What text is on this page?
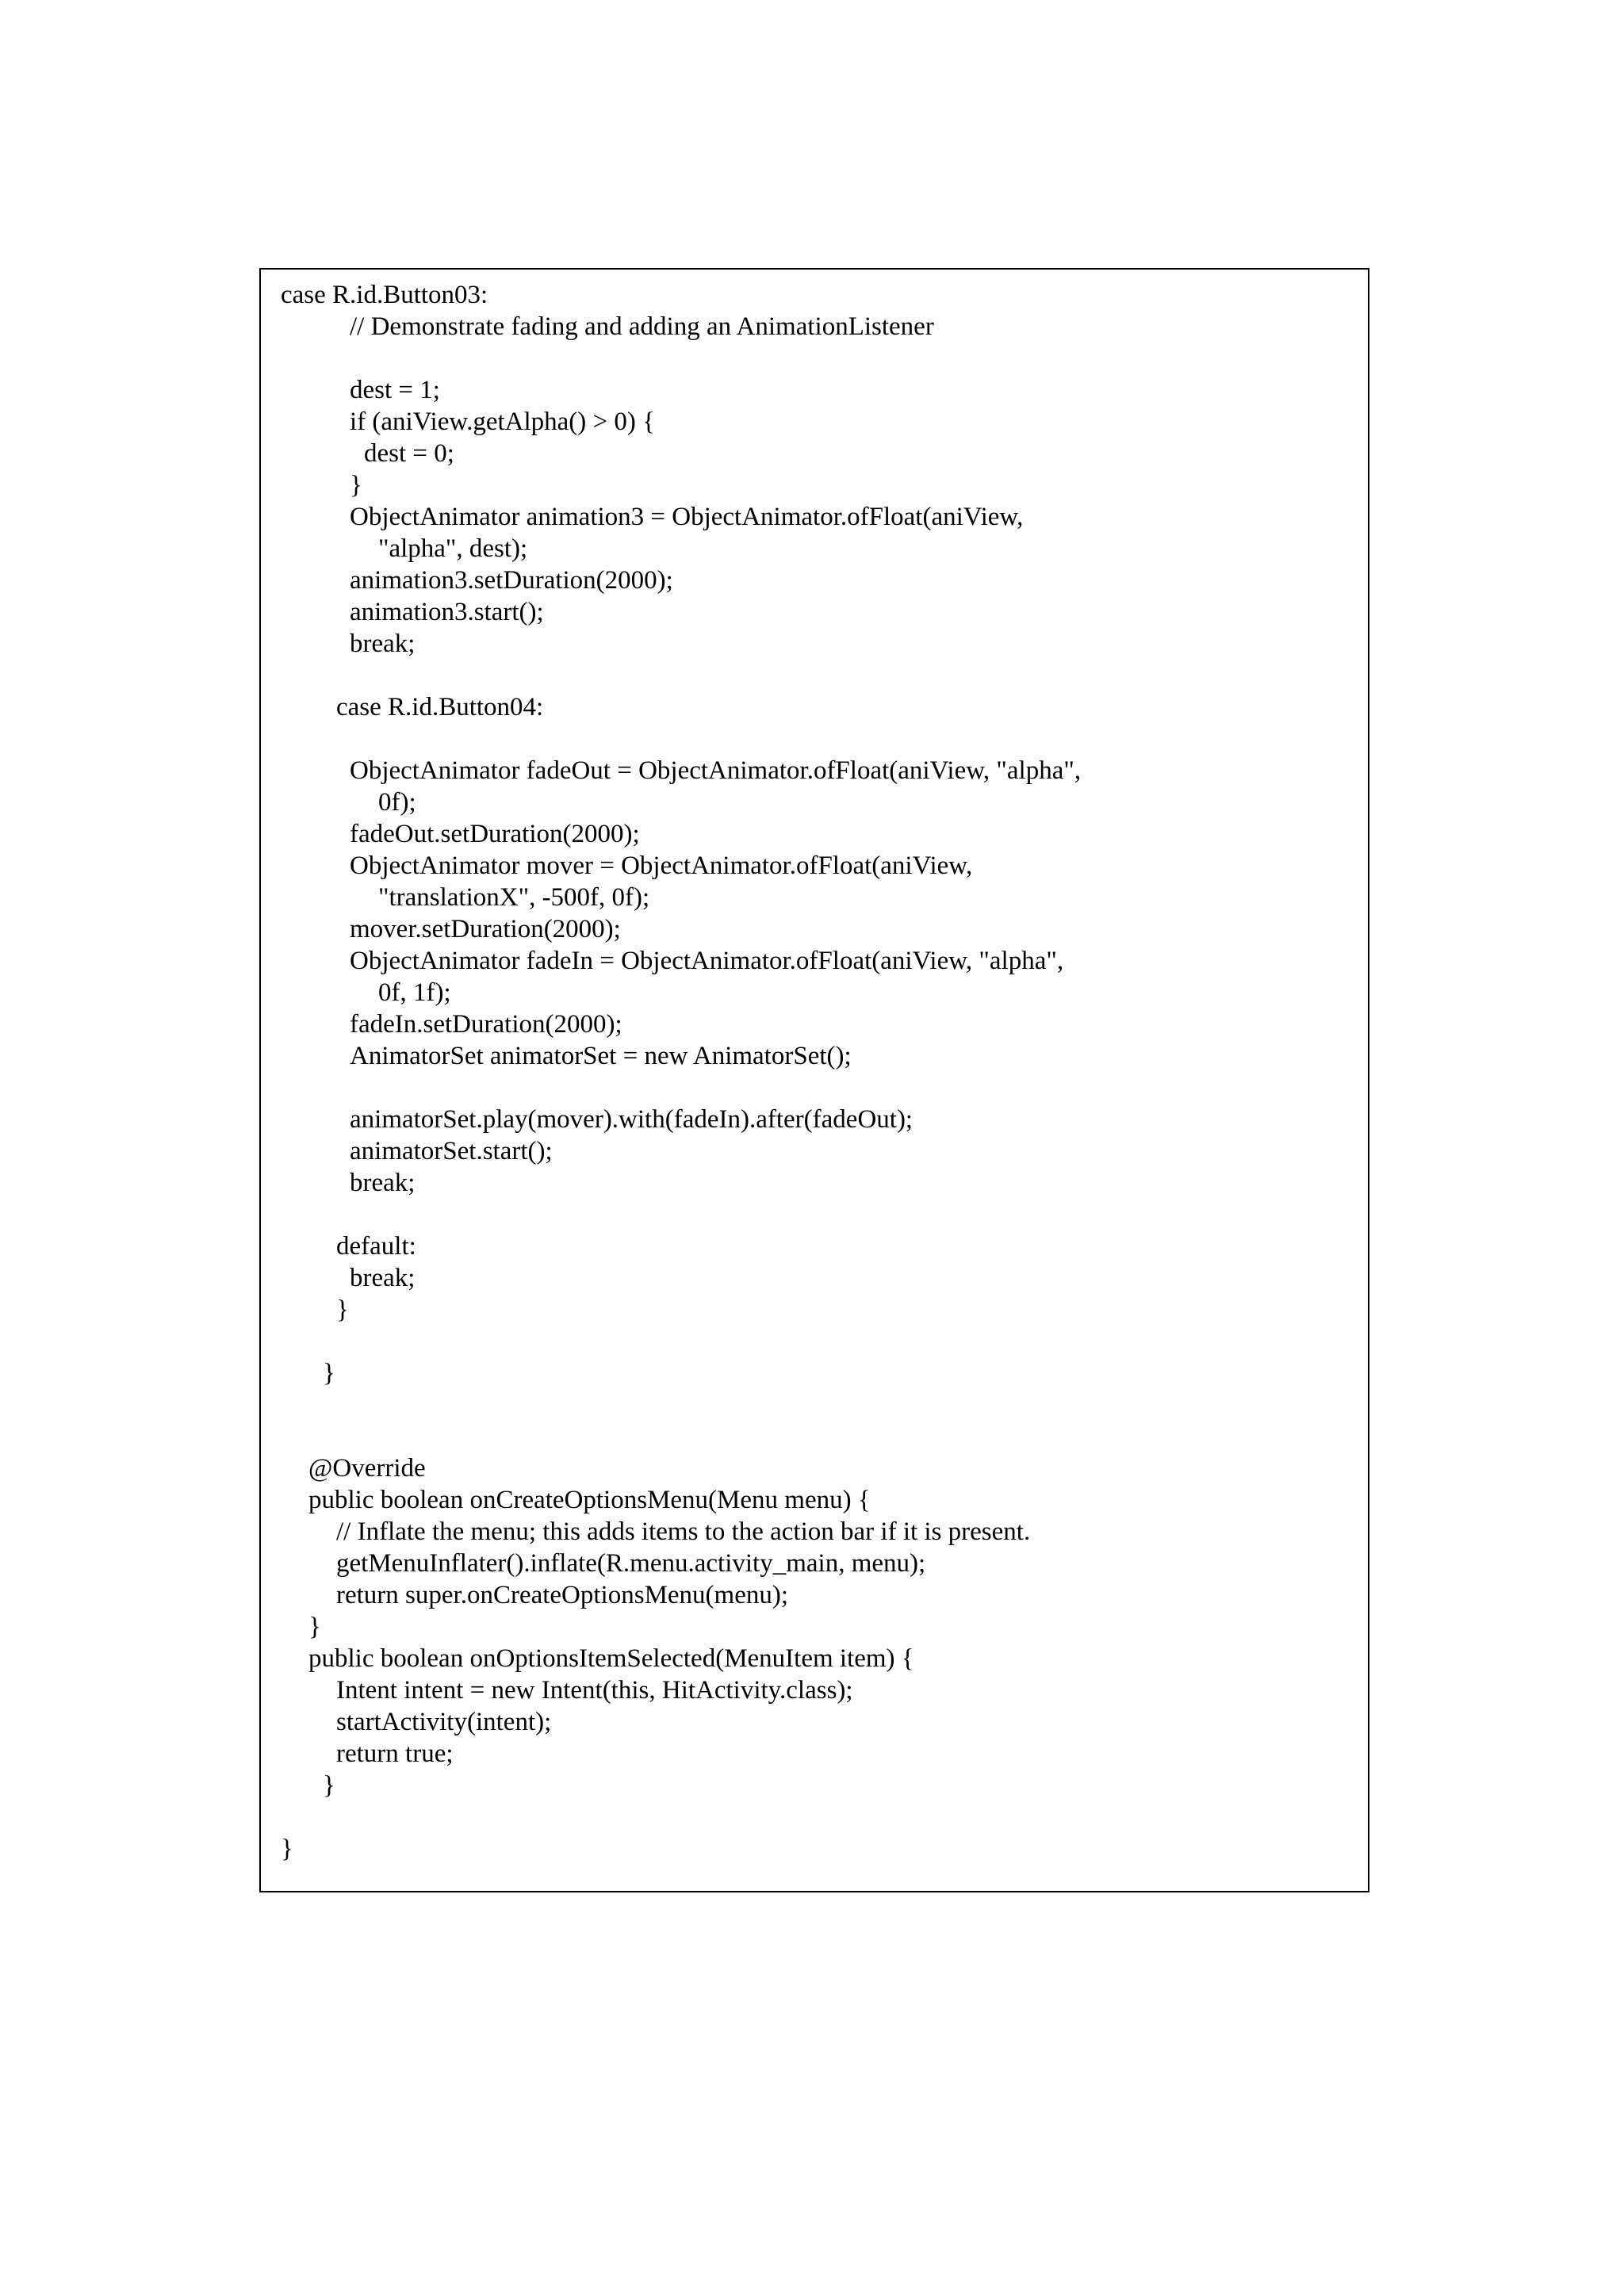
case R.id.Button03:
// Demonstrate fading and adding an AnimationListener
dest = 1;
if (aniView.getAlpha() > 0) {
dest = 0;
}
ObjectAnimator animation3 = ObjectAnimator.ofFloat(aniView,
"alpha", dest);
animation3.setDuration(2000);
animation3.start();
break;
case R.id.Button04:
ObjectAnimator fadeOut = ObjectAnimator.ofFloat(aniView, "alpha",
0f);
fadeOut.setDuration(2000);
ObjectAnimator mover = ObjectAnimator.ofFloat(aniView,
"translationX", -500f, 0f);
mover.setDuration(2000);
ObjectAnimator fadeIn = ObjectAnimator.ofFloat(aniView, "alpha",
0f, 1f);
fadeIn.setDuration(2000);
AnimatorSet animatorSet = new AnimatorSet();
animatorSet.play(mover).with(fadeIn).after(fadeOut);
animatorSet.start();
break;
default:
break;
}
}
@Override
public boolean onCreateOptionsMenu(Menu menu) {
// Inflate the menu; this adds items to the action bar if it is present.
getMenuInflater().inflate(R.menu.activity_main, menu);
return super.onCreateOptionsMenu(menu);
}
public boolean onOptionsItemSelected(MenuItem item) {
Intent intent = new Intent(this, HitActivity.class);
startActivity(intent);
return true;
}
}
